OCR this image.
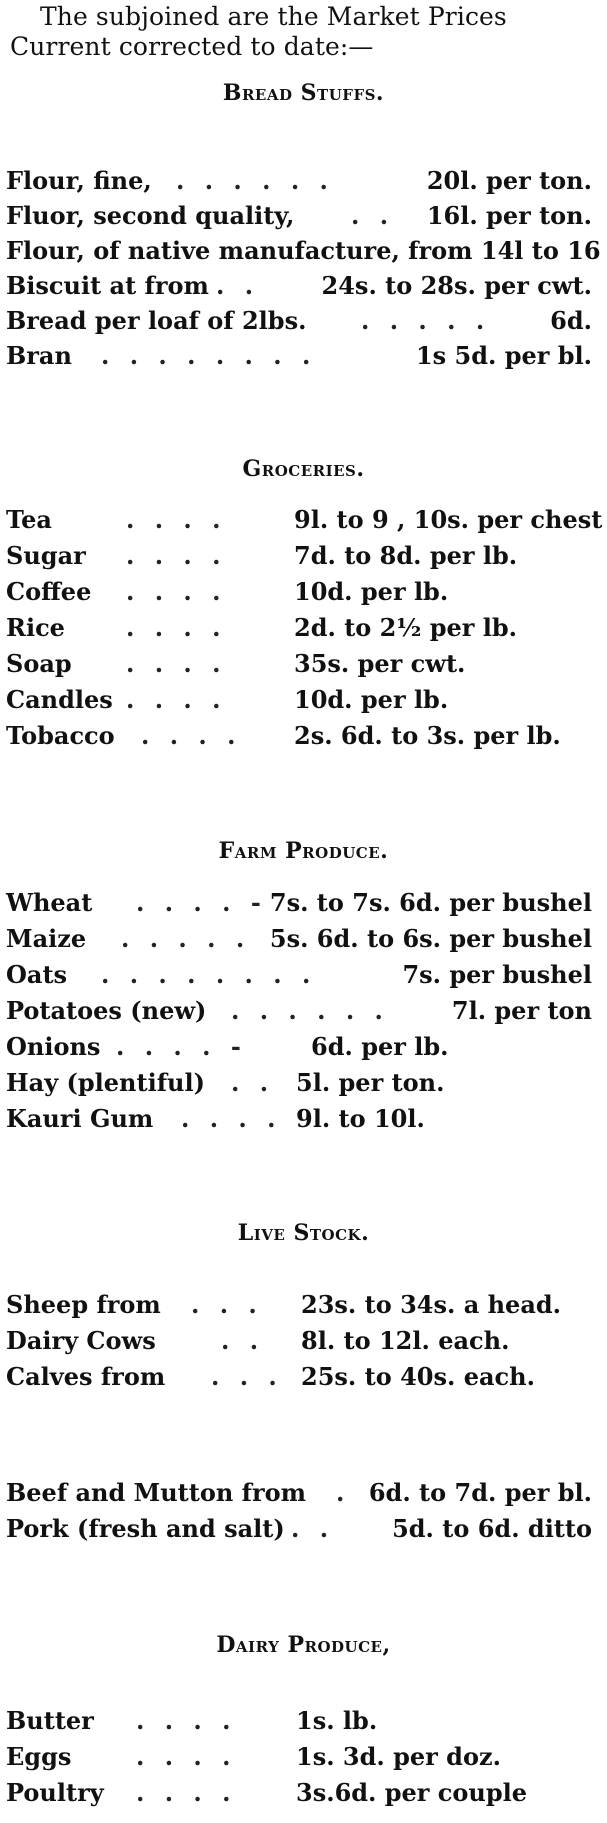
The subjoined are the Market Prices Current corrected to date:—
Bread Stuffs.
Flour, fine, . . . . . .	20l. per ton.
Fluor, second quality, . . 16l. per ton.
Flour, of native manufacture, from 14l to 16
Biscuit at from . .	24s. to 28s. per cwt.
Bread per loaf of 2lbs. . . . . . 6d.
Bran . . . . . . . .	1s 5d. per bl.
Groceries.
Tea	. . . .	9l. to 9 , 10s. per chest
Sugar . . . .	7d. to 8d. per lb.
Coffee . . . .	10d. per lb.
Rice	. . . .	2d. to 2½ per lb.
Soap . . . .	35s. per cwt.
Candles . . . .	10d. per lb.
Tobacco . . . . 2s. 6d. to 3s. per lb.
Farm Produce.
Wheat . . . . - 7s. to 7s. 6d. per bushel
Maize . . . . . 5s. 6d. to 6s. per bushel
Oats . . . . . . . .	7s. per bushel
Potatoes (new) . . . . . .	7l. per ton
Onions . . . . -	6d. per lb.
Hay (plentiful) . . 5l. per ton.
Kauri Gum . . . . 9l. to 10l.
Live Stock.
Sheep from . . . 23s. to 34s. a head.
Dairy Cows	. . 8l. to 12l. each.
Calves from . . . 25s. to 40s. each.
Beef and Mutton from . 6d. to 7d. per bl.
Pork (fresh and salt) . . 5d. to 6d. ditto
Dairy Produce,
Butter . . . . 1s. lb.
Eggs	. . . . 1s. 3d. per doz.
Poultry . . . . 3s.6d. per couple
